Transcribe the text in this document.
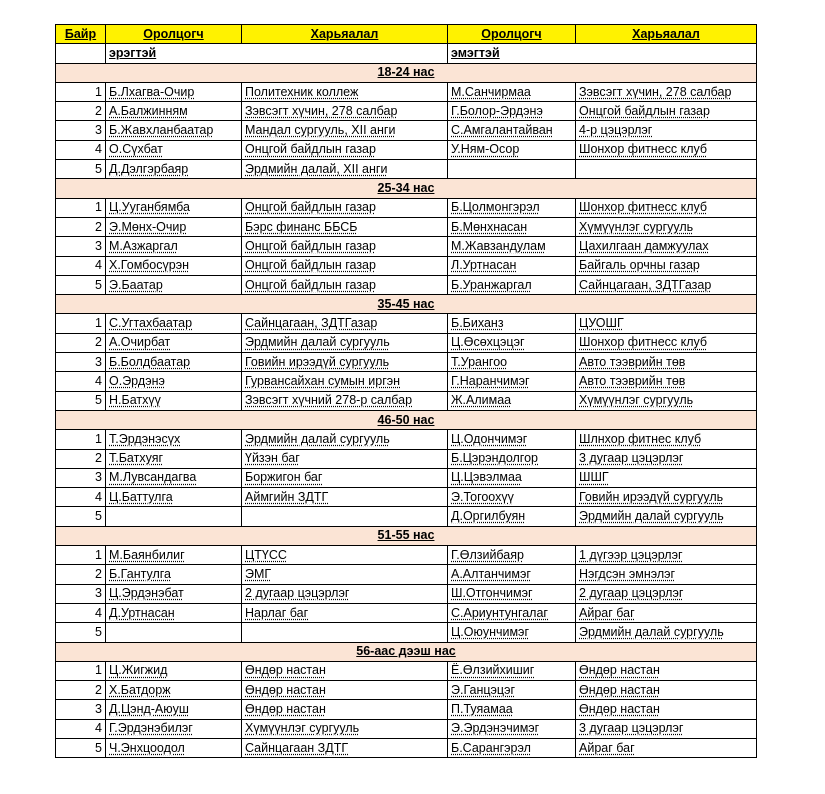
Байр	Оролцогч	Харьяалал	Оролцогч	Харьяалал
	эрэгтэй		эмэгтэй	
18-24 нас				
1	Б.Лхагва-Очир	Политехник коллеж	М.Санчирмаа	Зэвсэгт хүчин, 278 салбар
2	А.Балжинням	Зэвсэгт хүчин, 278 салбар	Г.Болор-Эрдэнэ	Онцгой байдлын газар
3	Б.Жавхланбаатар	Мандал сургууль, XII анги	С.Амгалантайван	4-р цэцэрлэг
4	О.Сүхбат	Онцгой байдлын газар	У.Ням-Осор	Шонхор фитнесс клуб
5	Д.Дэлгэрбаяр	Эрдмийн далай, XII анги		
25-34 нас				
1	Ц.Ууганбямба	Онцгой байдлын газар	Б.Цолмонгэрэл	Шонхор фитнесс клуб
2	Э.Мөнх-Очир	Бэрс финанс ББСБ	Б.Мөнхнасан	Хүмүүнлэг сургууль
3	М.Азжаргал	Онцгой байдлын газар	М.Жавзандулам	Цахилгаан дамжуулах
4	Х.Гомбосүрэн	Онцгой байдлын газар	Л.Уртнасан	Байгаль орчны газар
5	Э.Баатар	Онцгой байдлын газар	Б.Уранжаргал	Сайнцагаан, ЗДТГазар
35-45 нас				
1	С.Угтахбаатар	Сайнцагаан, ЗДТГазар	Б.Биханз	ЦУОШГ
2	А.Очирбат	Эрдмийн далай сургууль	Ц.Өсөхцэцэг	Шонхор фитнесс клуб
3	Б.Болдбаатар	Говийн ирээдүй сургууль	Т.Урангоо	Авто тээврийн төв
4	О.Эрдэнэ	Гурвансайхан сумын иргэн	Г.Наранчимэг	Авто тээврийн төв
5	Н.Батхүү	Зэвсэгт хүчний 278-р салбар	Ж.Алимаа	Хүмүүнлэг сургууль
46-50 нас				
1	Т.Эрдэнэсүх	Эрдмийн далай сургууль	Ц.Одончимэг	Шлнхор фитнес клуб
2	Т.Батхуяг	Үйзэн баг	Б.Цэрэндолгор	3 дугаар цэцэрлэг
3	М.Лувсандагва	Боржигон баг	Ц.Цэвэлмаа	ШШГ
4	Ц.Баттулга	Аймгийн ЗДТГ	Э.Тогоохүү	Говийн ирээдүй сургууль
5			Д.Оргилбуян	Эрдмийн далай сургууль
51-55 нас				
1	М.Баянбилиг	ЦТҮСС	Г.Өлзийбаяр	1 дүгээр цэцэрлэг
2	Б.Гантулга	ЭМГ	А.Алтанчимэг	Нэгдсэн эмнэлэг
3	Ц.Эрдэнэбат	2 дугаар цэцэрлэг	Ш.Отгончимэг	2 дугаар цэцэрлэг
4	Д.Уртнасан	Нарлаг баг	С.Ариунтунгалаг	Айраг баг
5			Ц.Оюунчимэг	Эрдмийн далай сургууль
56-аас дээш нас				
1	Ц.Жигжид	Өндөр настан	Ё.Өлзийхишиг	Өндөр настан
2	Х.Батдорж	Өндөр настан	Э.Ганцэцэг	Өндөр настан
3	Д.Цэнд-Аюуш	Өндөр настан	П.Туяамаа	Өндөр настан
4	Г.Эрдэнэбилэг	Хүмүүнлэг сургууль	Э.Эрдэнэчимэг	3 дугаар цэцэрлэг
5	Ч.Энхцоодол	Сайнцагаан ЗДТГ	Б.Сарангэрэл	Айраг баг
